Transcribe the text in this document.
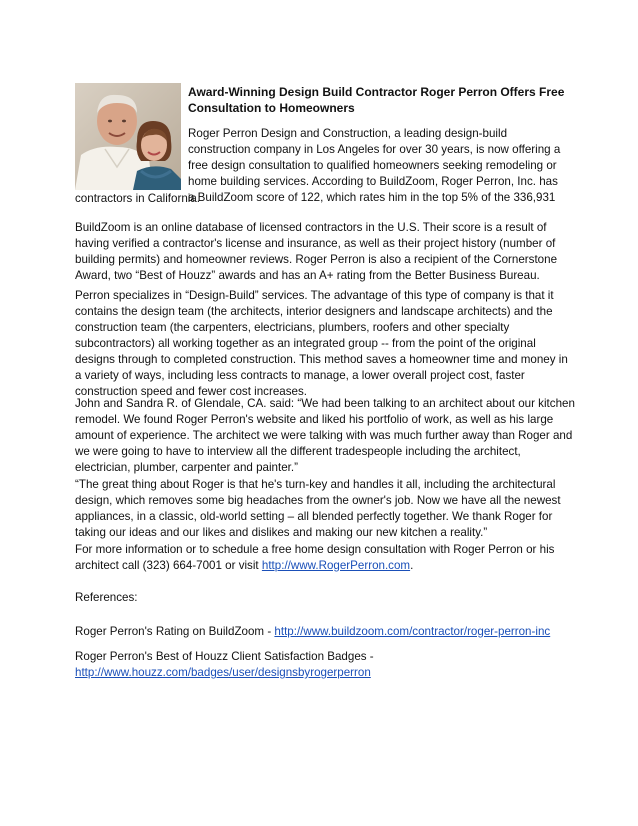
Award-Winning Design Build Contractor Roger Perron Offers Free Consultation to Homeowners
Roger Perron Design and Construction, a leading design-build
construction company in Los Angeles for over 30 years, is now offering a
free design consultation to qualified homeowners seeking remodeling or
home building services. According to BuildZoom, Roger Perron, Inc. has
a BuildZoom score of 122, which rates him in the top 5% of the 336,931
contractors in California.

BuildZoom is an online database of licensed contractors in the U.S. Their score is a result of having verified a contractor's license and insurance, as well as their project history (number of building permits) and homeowner reviews. Roger Perron is also a recipient of the Cornerstone Award, two “Best of Houzz” awards and has an A+ rating from the Better Business Bureau.

Perron specializes in “Design-Build” services. The advantage of this type of company is that it contains the design team (the architects, interior designers and landscape architects) and the construction team (the carpenters, electricians, plumbers, roofers and other specialty subcontractors) all working together as an integrated group -- from the point of the original designs through to completed construction. This method saves a homeowner time and money in a variety of ways, including less contracts to manage, a lower overall project cost, faster construction speed and fewer cost increases.

John and Sandra R. of Glendale, CA. said: “We had been talking to an architect about our kitchen remodel. We found Roger Perron's website and liked his portfolio of work, as well as his large amount of experience. The architect we were talking with was much further away than Roger and we were going to have to interview all the different tradespeople including the architect, electrician, plumber, carpenter and painter.”

“The great thing about Roger is that he's turn-key and handles it all, including the architectural design, which removes some big headaches from the owner's job. Now we have all the newest appliances, in a classic, old-world setting – all blended perfectly together. We thank Roger for taking our ideas and our likes and dislikes and making our new kitchen a reality.”

For more information or to schedule a free home design consultation with Roger Perron or his architect call (323) 664-7001 or visit http://www.RogerPerron.com.

References:

Roger Perron's Rating on BuildZoom - http://www.buildzoom.com/contractor/roger-perron-inc

Roger Perron's Best of Houzz Client Satisfaction Badges -
http://www.houzz.com/badges/user/designsbyrogerperron
